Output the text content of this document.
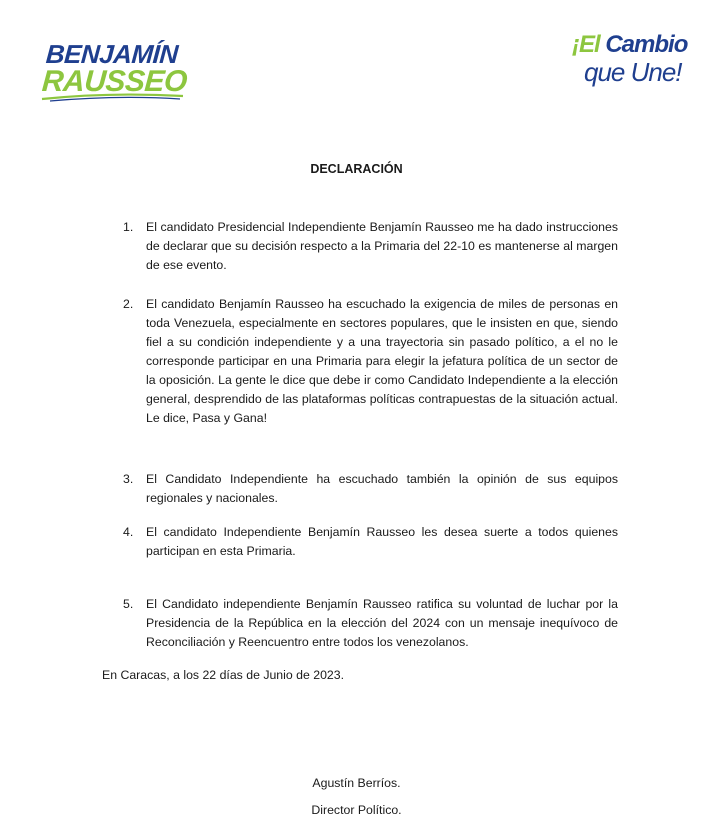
BENJAMÍN
RAUSSEO
¡El Cambio
que Une!
DECLARACIÓN
1. El candidato Presidencial Independiente Benjamín Rausseo me ha dado instrucciones de declarar que su decisión respecto a la Primaria del 22-10 es mantenerse al margen de ese evento.
2. El candidato Benjamín Rausseo ha escuchado la exigencia de miles de personas en toda Venezuela, especialmente en sectores populares, que le insisten en que, siendo fiel a su condición independiente y a una trayectoria sin pasado político, a el no le corresponde participar en una Primaria para elegir la jefatura política de un sector de la oposición. La gente le dice que debe ir como Candidato Independiente a la elección general, desprendido de las plataformas políticas contrapuestas de la situación actual. Le dice, Pasa y Gana!
3. El Candidato Independiente ha escuchado también la opinión de sus equipos regionales y nacionales.
4. El candidato Independiente Benjamín Rausseo les desea suerte a todos quienes participan en esta Primaria.
5. El Candidato independiente Benjamín Rausseo ratifica su voluntad de luchar por la Presidencia de la República en la elección del 2024 con un mensaje inequívoco de Reconciliación y Reencuentro entre todos los venezolanos.
En Caracas, a los 22 días de Junio de 2023.
Agustín Berríos.
Director Político.
